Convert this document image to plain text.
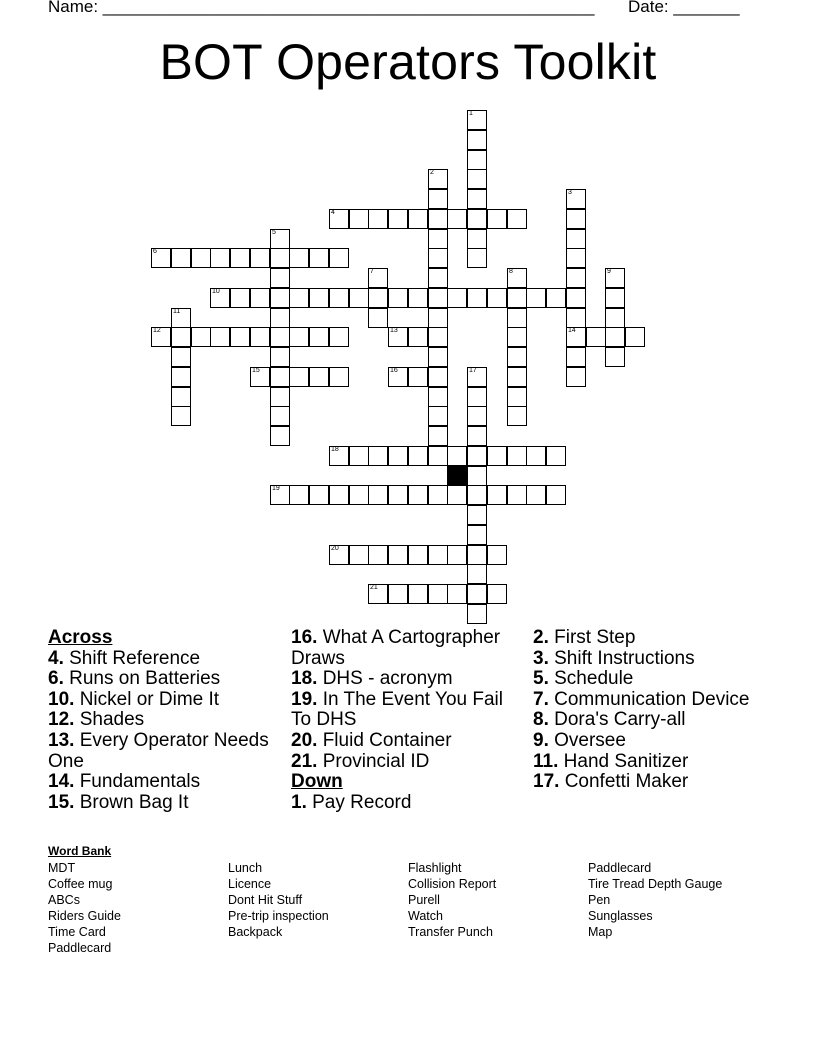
Name: ____________________________________________________ Date: _______
BOT Operators Toolkit
1
2
3
14
4
5
6
7	8	9
10
11
12	13
15	16	17
18
19
20
21
Across
4. Shift Reference
6. Runs on Batteries
10. Nickel or Dime It
12. Shades
13. Every Operator Needs One
14. Fundamentals
15. Brown Bag It
16. What A Cartographer Draws
18. DHS - acronym
19. In The Event You Fail To DHS
20. Fluid Container
21. Provincial ID
Down
1. Pay Record
2. First Step
3. Shift Instructions
5. Schedule
7. Communication Device
8. Dora's Carry-all
9. Oversee
11. Hand Sanitizer
17. Confetti Maker
Word Bank
MDT
Coffee mug
ABCs
Riders Guide
Time Card
Paddlecard
Lunch
Licence
Dont Hit Stuff
Pre-trip inspection
Backpack
Flashlight
Collision Report
Purell
Watch
Transfer Punch
Paddlecard
Tire Tread Depth Gauge
Pen
Sunglasses
Map
